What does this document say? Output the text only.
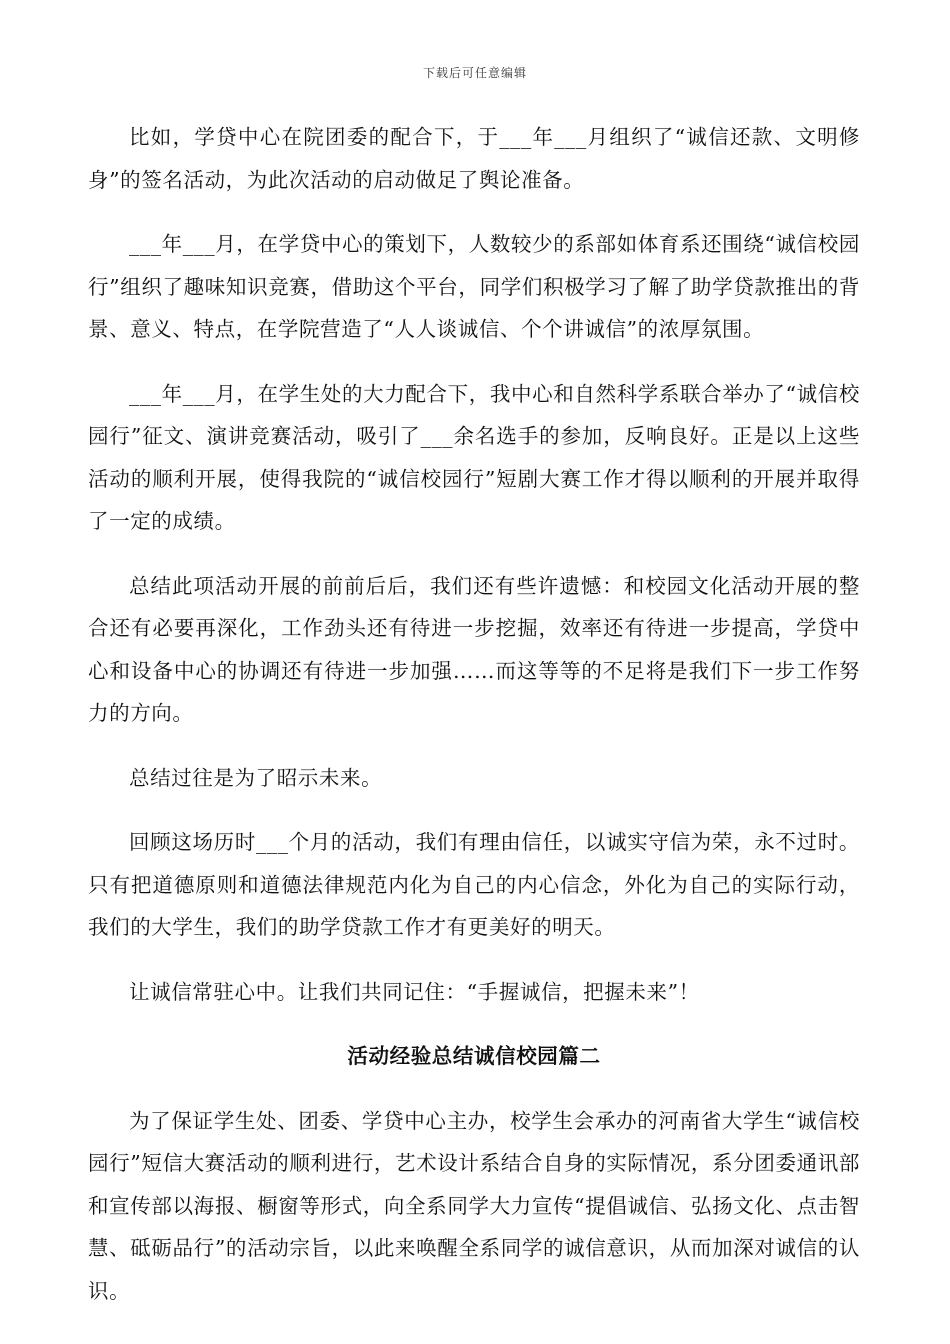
下载后可任意编辑

比如，学贷中心在院团委的配合下，于___年___月组织了“诚信还款、文明修身”的签名活动，为此次活动的启动做足了舆论准备。

___年___月，在学贷中心的策划下，人数较少的系部如体育系还围绕“诚信校园行”组织了趣味知识竞赛，借助这个平台，同学们积极学习了解了助学贷款推出的背景、意义、特点，在学院营造了“人人谈诚信、个个讲诚信”的浓厚氛围。

___年___月，在学生处的大力配合下，我中心和自然科学系联合举办了“诚信校园行”征文、演讲竞赛活动，吸引了___余名选手的参加，反响良好。正是以上这些活动的顺利开展，使得我院的“诚信校园行”短剧大赛工作才得以顺利的开展并取得了一定的成绩。

总结此项活动开展的前前后后，我们还有些许遗憾：和校园文化活动开展的整合还有必要再深化，工作劲头还有待进一步挖掘，效率还有待进一步提高，学贷中心和设备中心的协调还有待进一步加强……而这等等的不足将是我们下一步工作努力的方向。

总结过往是为了昭示未来。

回顾这场历时___个月的活动，我们有理由信任，以诚实守信为荣，永不过时。只有把道德原则和道德法律规范内化为自己的内心信念，外化为自己的实际行动，我们的大学生，我们的助学贷款工作才有更美好的明天。

让诚信常驻心中。让我们共同记住：“手握诚信，把握未来”！

活动经验总结诚信校园篇二

为了保证学生处、团委、学贷中心主办，校学生会承办的河南省大学生“诚信校园行”短信大赛活动的顺利进行，艺术设计系结合自身的实际情况，系分团委通讯部和宣传部以海报、橱窗等形式，向全系同学大力宣传“提倡诚信、弘扬文化、点击智慧、砥砺品行”的活动宗旨，以此来唤醒全系同学的诚信意识，从而加深对诚信的认识。
